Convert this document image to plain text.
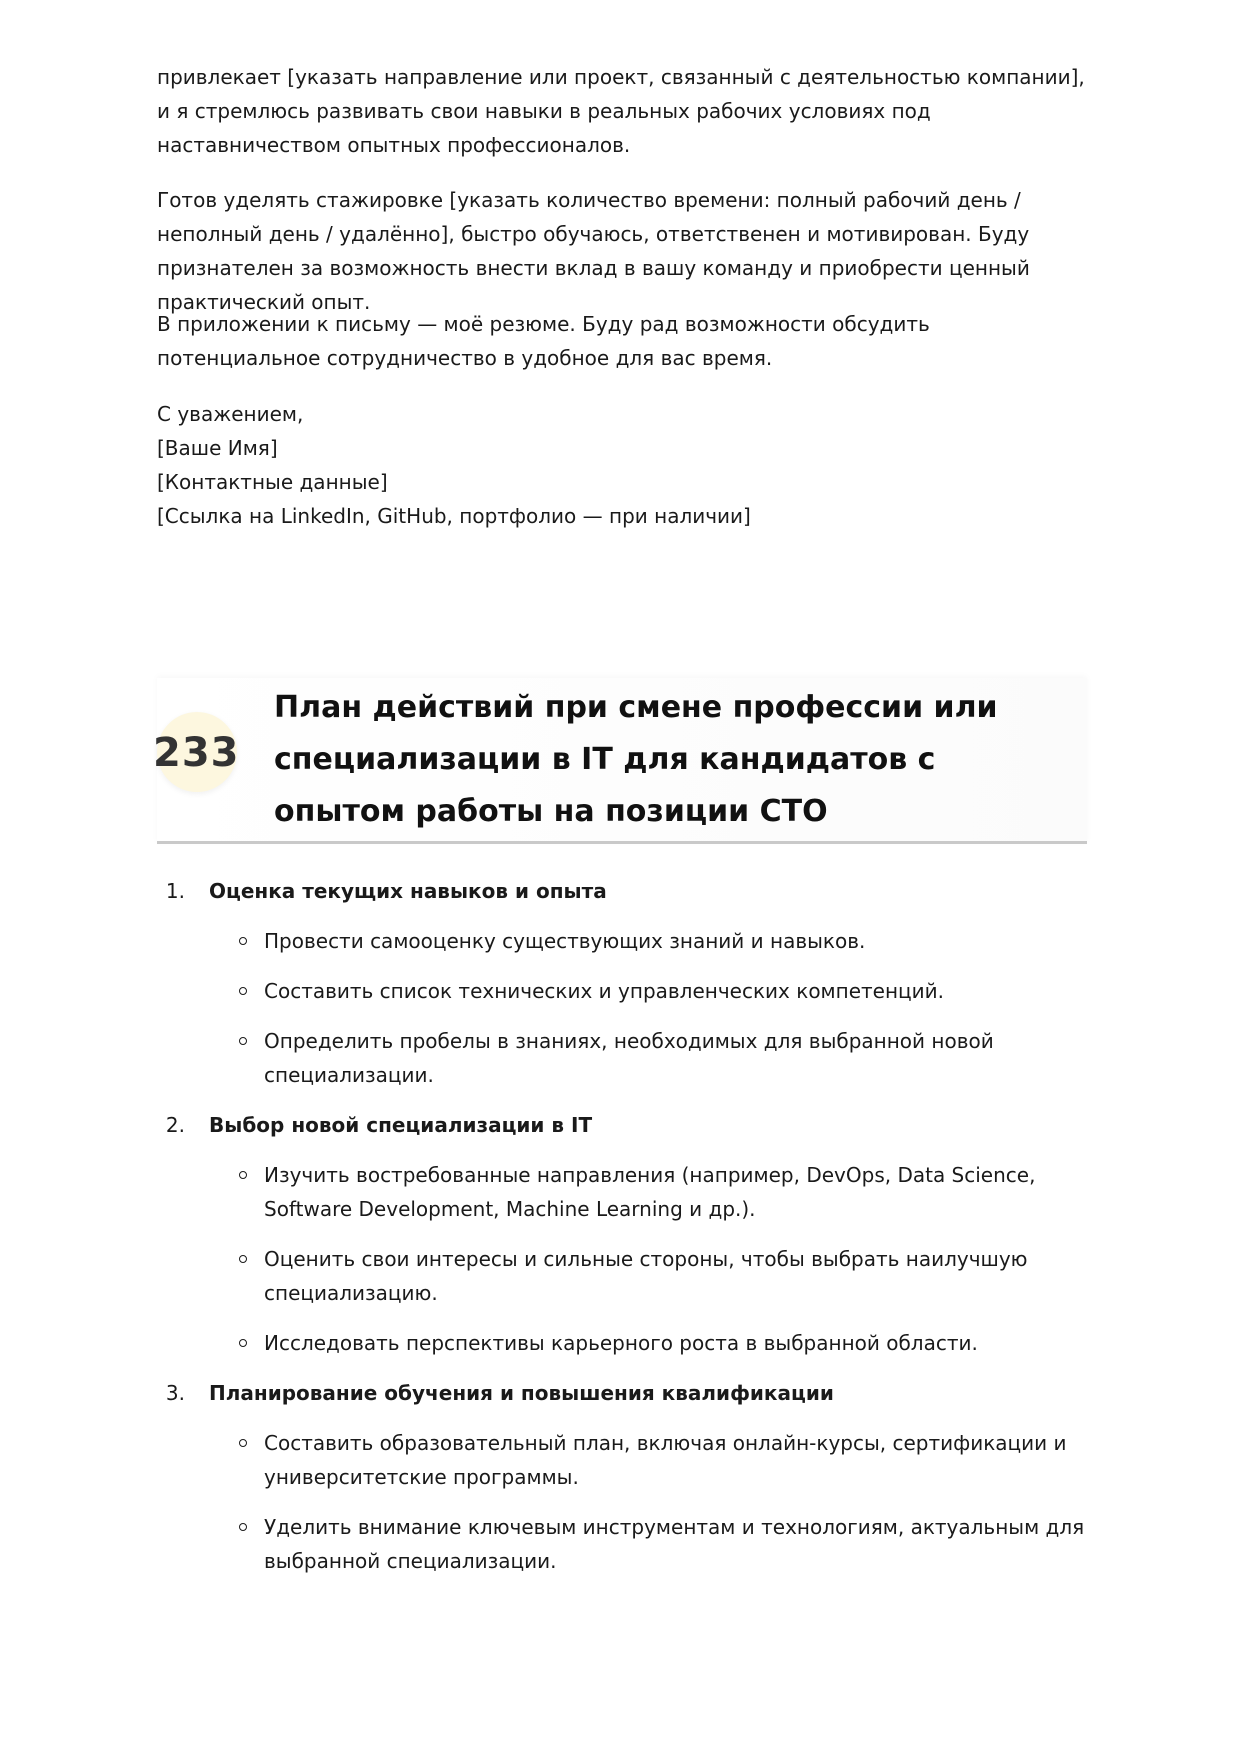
привлекает [указать направление или проект, связанный с деятельностью компании], и я стремлюсь развивать свои навыки в реальных рабочих условиях под наставничеством опытных профессионалов.

Готов уделять стажировке [указать количество времени: полный рабочий день / неполный день / удалённо], быстро обучаюсь, ответственен и мотивирован. Буду признателен за возможность внести вклад в вашу команду и приобрести ценный практический опыт.

В приложении к письму — моё резюме. Буду рад возможности обсудить потенциальное сотрудничество в удобное для вас время.

С уважением,
[Ваше Имя]
[Контактные данные]
[Ссылка на LinkedIn, GitHub, портфолио — при наличии]
233
План действий при смене профессии или специализации в IT для кандидатов с опытом работы на позиции CTO
1. Оценка текущих навыков и опыта
Провести самооценку существующих знаний и навыков.
Составить список технических и управленческих компетенций.
Определить пробелы в знаниях, необходимых для выбранной новой специализации.
2. Выбор новой специализации в IT
Изучить востребованные направления (например, DevOps, Data Science, Software Development, Machine Learning и др.).
Оценить свои интересы и сильные стороны, чтобы выбрать наилучшую специализацию.
Исследовать перспективы карьерного роста в выбранной области.
3. Планирование обучения и повышения квалификации
Составить образовательный план, включая онлайн-курсы, сертификации и университетские программы.
Уделить внимание ключевым инструментам и технологиям, актуальным для выбранной специализации.
